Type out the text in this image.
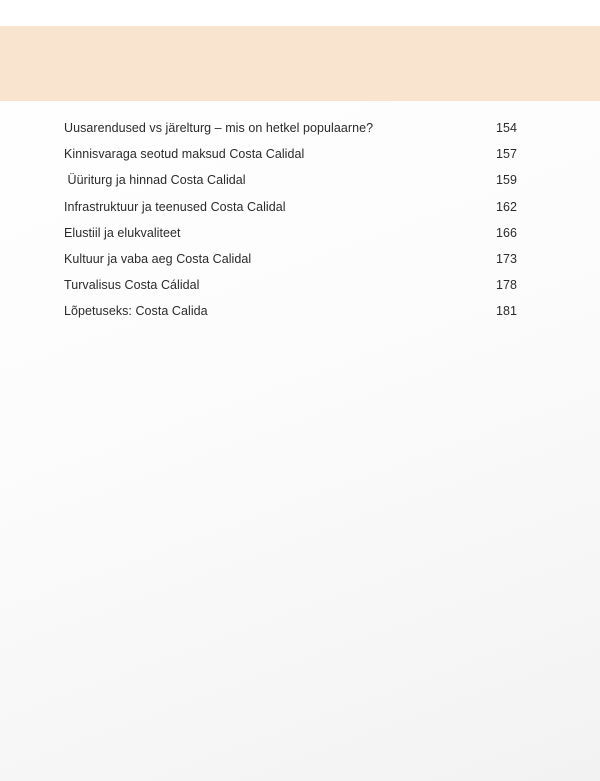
Uusarendused vs järelturg – mis on hetkel populaarne?	154
Kinnisvaraga seotud maksud Costa Calidal	157
Üüriturg ja hinnad Costa Calidal	159
Infrastruktuur ja teenused Costa Calidal	162
Elustiil ja elukvaliteet	166
Kultuur ja vaba aeg Costa Calidal	173
Turvalisus Costa Cálidal	178
Lõpetuseks: Costa Calida	181
